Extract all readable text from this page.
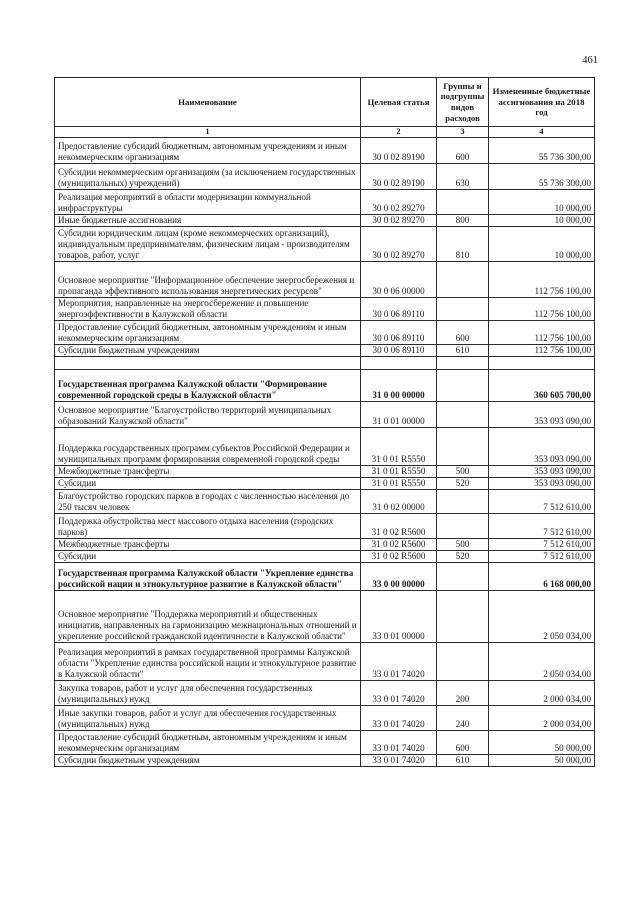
461
Наименование	Целевая статья	Группы и подгруппы видов расходов	Измененные бюджетные ассигнования на 2018 год
1	2	3	4
Предоставление субсидий бюджетным, автономным учреждениям и иным некоммерческим организациям	30 0 02 89190	600	55 736 300,00
Субсидии некоммерческим организациям (за исключением государственных (муниципальных) учреждений)	30 0 02 89190	630	55 736 300,00
Реализация мероприятий в области модернизации коммунальной инфраструктуры	30 0 02 89270		10 000,00
Иные бюджетные ассигнования	30 0 02 89270	800	10 000,00
Субсидии юридическим лицам (кроме некоммерческих организаций), индивидуальным предпринимателям, физическим лицам - производителям товаров, работ, услуг	30 0 02 89270	810	10 000,00
Основное мероприятие "Информационное обеспечение энергосбережения и пропаганда эффективного использования энергетических ресурсов"	30 0 06 00000		112 756 100,00
Мероприятия, направленные на энергосбережение и повышение энергоэффективности в Калужской области	30 0 06 89110		112 756 100,00
Предоставление субсидий бюджетным, автономным учреждениям и иным некоммерческим организациям	30 0 06 89110	600	112 756 100,00
Субсидии бюджетным учреждениям	30 0 06 89110	610	112 756 100,00

Государственная программа Калужской области "Формирование современной городской среды в Калужской области"	31 0 00 00000		360 605 700,00
Основное мероприятие "Благоустройство территорий муниципальных образований Калужской области"	31 0 01 00000		353 093 090,00
Поддержка государственных программ субъектов Российской Федерации и муниципальных программ формирования современной городской среды	31 0 01 R5550		353 093 090,00
Межбюджетные трансферты	31 0 01 R5550	500	353 093 090,00
Субсидии	31 0 01 R5550	520	353 093 090,00
Благоустройство городских парков в городах с численностью населения до 250 тысяч человек	31 0 02 00000		7 512 610,00
Поддержка обустройства мест массового отдыха населения (городских парков)	31 0 02 R5600		7 512 610,00
Межбюджетные трансферты	31 0 02 R5600	500	7 512 610,00
Субсидии	31 0 02 R5600	520	7 512 610,00
Государственная программа Калужской области "Укрепление единства российской нации и этнокультурное развитие в Калужской области"	33 0 00 00000		6 168 000,00
Основное мероприятие "Поддержка мероприятий и общественных инициатив, направленных на гармонизацию межнациональных отношений и укрепление российской гражданской идентичности в Калужской области"	33 0 01 00000		2 050 034,00
Реализация мероприятий в рамках государственной программы Калужской области "Укрепление единства российской нации и этнокультурное развитие в Калужской области"	33 0 01 74020		2 050 034,00
Закупка товаров, работ и услуг для обеспечения государственных (муниципальных) нужд	33 0 01 74020	200	2 000 034,00
Иные закупки товаров, работ и услуг для обеспечения государственных (муниципальных) нужд	33 0 01 74020	240	2 000 034,00
Предоставление субсидий бюджетным, автономным учреждениям и иным некоммерческим организациям	33 0 01 74020	600	50 000,00
Субсидии бюджетным учреждениям	33 0 01 74020	610	50 000,00
